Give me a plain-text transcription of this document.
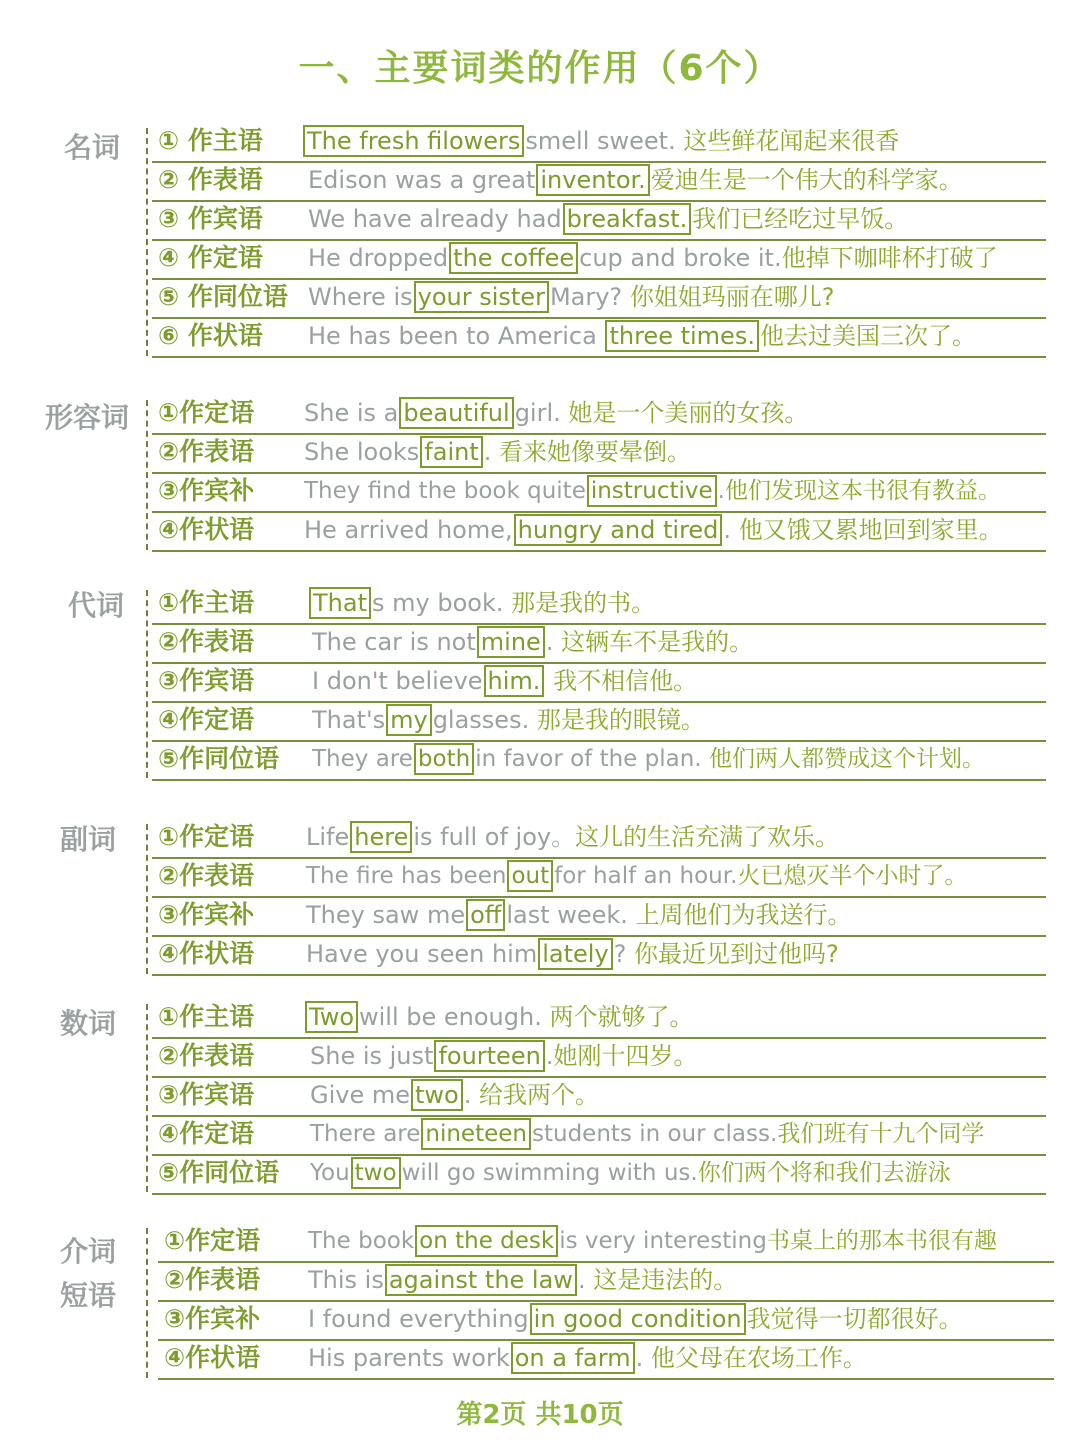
一、主要词类的作用（6个）
名词	① 作主语 The fresh filowers smell sweet. 这些鲜花闻起来很香
② 作表语 Edison was a great inventor. 爱迪生是一个伟大的科学家。
③ 作宾语 We have already had breakfast. 我们已经吃过早饭。
④ 作定语 He dropped the coffee cup and broke it.他掉下咖啡杯打破了
⑤ 作同位语 Where is your sister Mary? 你姐姐玛丽在哪儿?
⑥ 作状语 He has been to America three times. 他去过美国三次了。
形容词	①作定语 She is a beautiful girl. 她是一个美丽的女孩。
②作表语 She looks faint . 看来她像要晕倒。
③作宾补 They find the book quite instructive .他们发现这本书很有教益。
④作状语 He arrived home, hungry and tired . 他又饿又累地回到家里。
代词	①作主语 That s my book. 那是我的书。
②作表语 The car is not mine . 这辆车不是我的。
③作宾语 I don't believe him. 我不相信他。
④作定语 That's my glasses. 那是我的眼镜。
⑤作同位语 They are both in favor of the plan. 他们两人都赞成这个计划。
副词	①作定语 Life here is full of joy。这儿的生活充满了欢乐。
②作表语 The fire has been out for half an hour.火已熄灭半个小时了。
③作宾补 They saw me off last week. 上周他们为我送行。
④作状语 Have you seen him lately ? 你最近见到过他吗?
数词	①作主语 Two will be enough. 两个就够了。
②作表语 She is just fourteen .她刚十四岁。
③作宾语 Give me two . 给我两个。
④作定语 There are nineteen students in our class.我们班有十九个同学
⑤作同位语 You two will go swimming with us.你们两个将和我们去游泳
介词
短语
①作定语 The book on the desk is very interesting书桌上的那本书很有趣
②作表语 This is against the law . 这是违法的。
③作宾补 I found everything in good condition 我觉得一切都很好。
④作状语 His parents work on a farm . 他父母在农场工作。
第2页 共10页
